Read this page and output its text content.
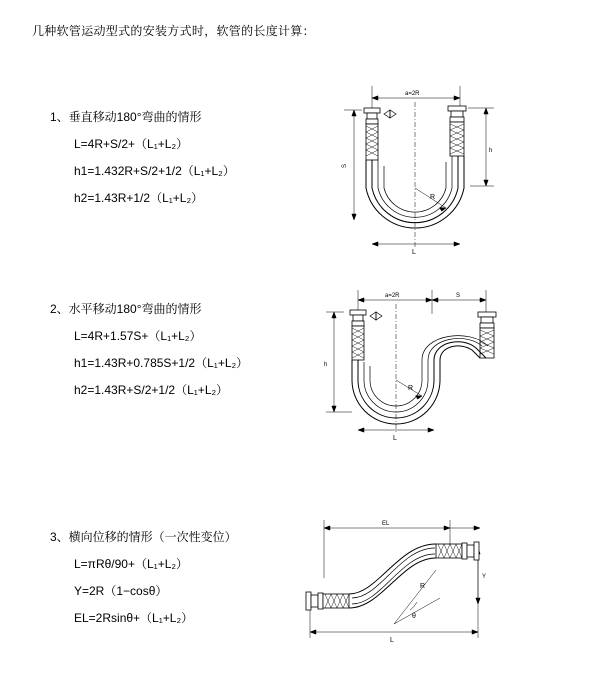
几种软管运动型式的安装方式时，软管的长度计算：
1、垂直移动180°弯曲的情形
L=4R+S/2+（L₁+L₂）
h1=1.432R+S/2+1/2（L₁+L₂）
h2=1.43R+1/2（L₁+L₂）
a=2R
h
R
L
S
2、水平移动180°弯曲的情形
L=4R+1.57S+（L₁+L₂）
h1=1.43R+0.785S+1/2（L₁+L₂）
h2=1.43R+S/2+1/2（L₁+L₂）
a=2R	S
h
R
L
3、横向位移的情形（一次性变位）
L=πRθ/90+（L₁+L₂）
Y=2R（1−cosθ）
EL=2Rsinθ+（L₁+L₂）
EL
Y
θ
R
L
